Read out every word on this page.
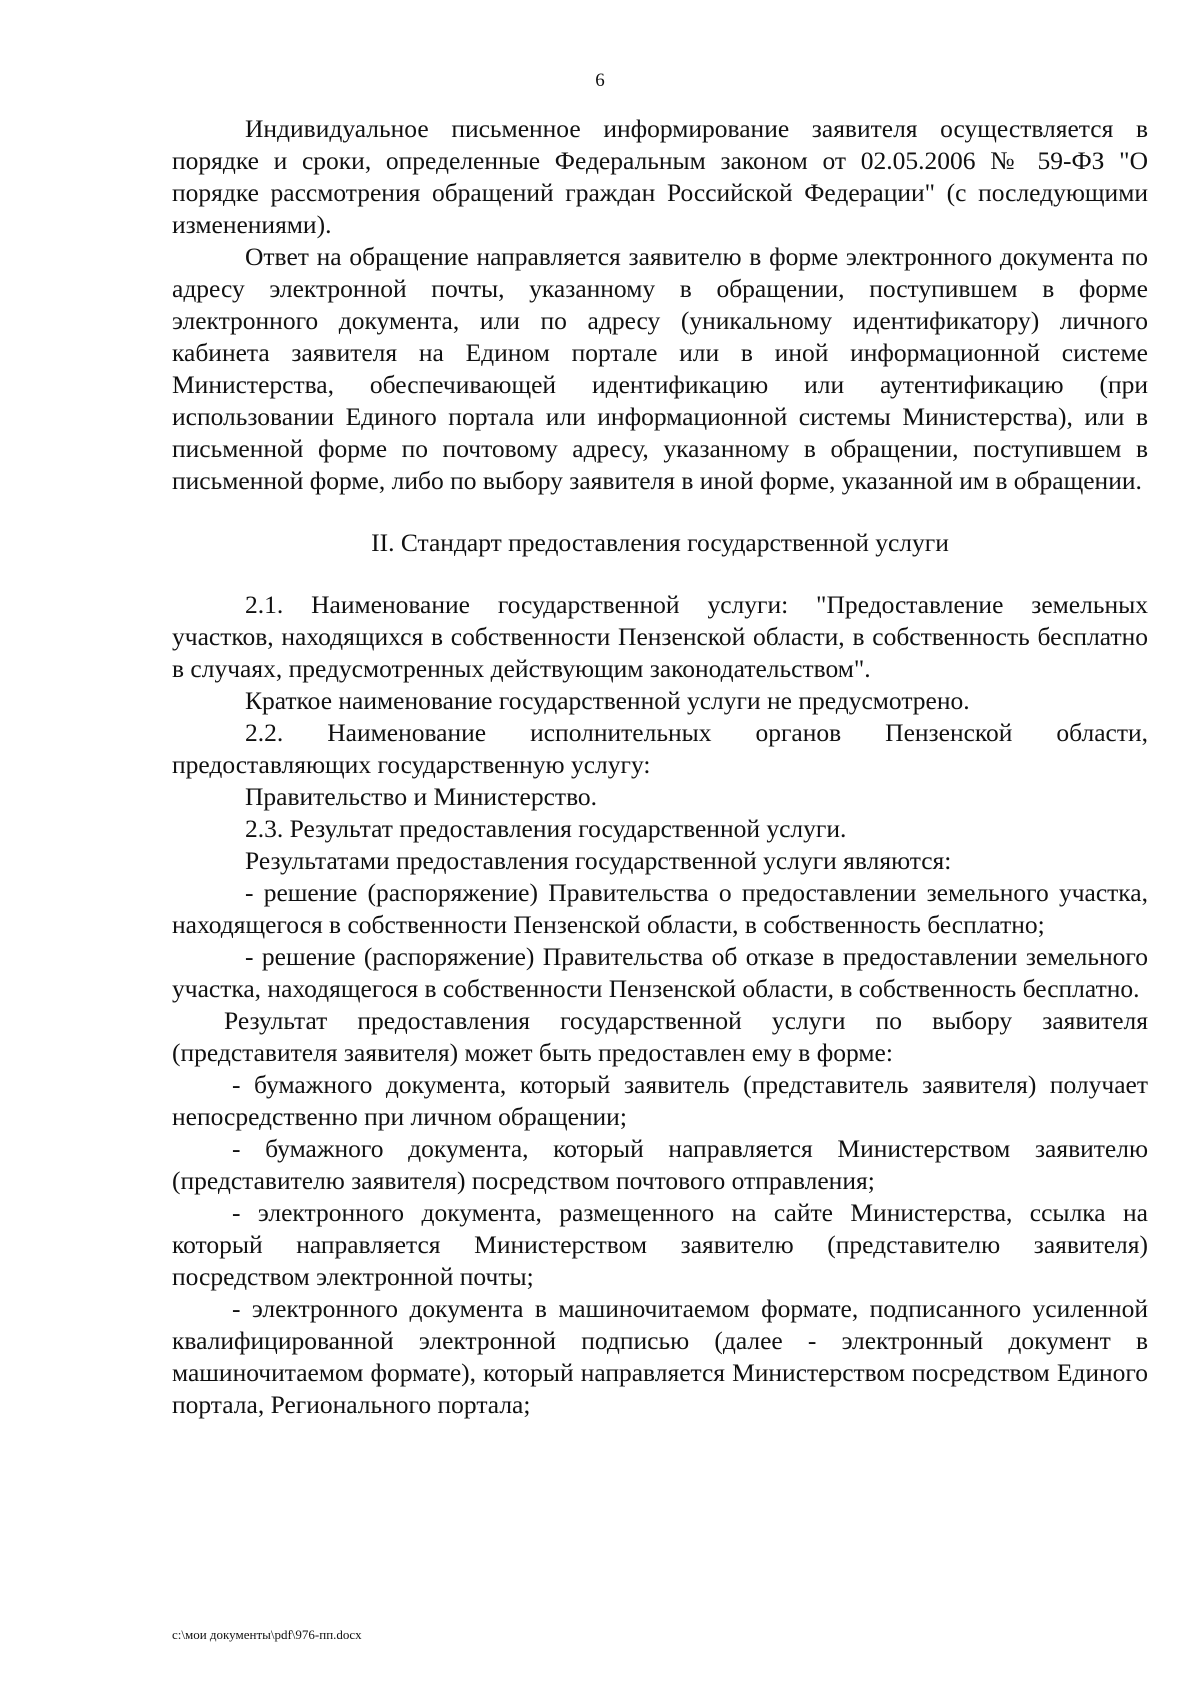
6

Индивидуальное письменное информирование заявителя осуществляется в порядке и сроки, определенные Федеральным законом от 02.05.2006 № 59-ФЗ "О порядке рассмотрения обращений граждан Российской Федерации" (с последующими изменениями).

Ответ на обращение направляется заявителю в форме электронного документа по адресу электронной почты, указанному в обращении, поступившем в форме электронного документа, или по адресу (уникальному идентификатору) личного кабинета заявителя на Едином портале или в иной информационной системе Министерства, обеспечивающей идентификацию или аутентификацию (при использовании Единого портала или информационной системы Министерства), или в письменной форме по почтовому адресу, указанному в обращении, поступившем в письменной форме, либо по выбору заявителя в иной форме, указанной им в обращении.

II. Стандарт предоставления государственной услуги

2.1. Наименование государственной услуги: "Предоставление земельных участков, находящихся в собственности Пензенской области, в собственность бесплатно в случаях, предусмотренных действующим законодательством".

Краткое наименование государственной услуги не предусмотрено.

2.2. Наименование исполнительных органов Пензенской области, предоставляющих государственную услугу:

Правительство и Министерство.

2.3. Результат предоставления государственной услуги.

Результатами предоставления государственной услуги являются:

- решение (распоряжение) Правительства о предоставлении земельного участка, находящегося в собственности Пензенской области, в собственность бесплатно;

- решение (распоряжение) Правительства об отказе в предоставлении земельного участка, находящегося в собственности Пензенской области, в собственность бесплатно.

Результат предоставления государственной услуги по выбору заявителя (представителя заявителя) может быть предоставлен ему в форме:

- бумажного документа, который заявитель (представитель заявителя) получает непосредственно при личном обращении;

- бумажного документа, который направляется Министерством заявителю (представителю заявителя) посредством почтового отправления;

- электронного документа, размещенного на сайте Министерства, ссылка на который направляется Министерством заявителю (представителю заявителя) посредством электронной почты;

- электронного документа в машиночитаемом формате, подписанного усиленной квалифицированной электронной подписью (далее - электронный документ в машиночитаемом формате), который направляется Министерством посредством Единого портала, Регионального портала;

c:\мои документы\pdf\976-пп.docx
